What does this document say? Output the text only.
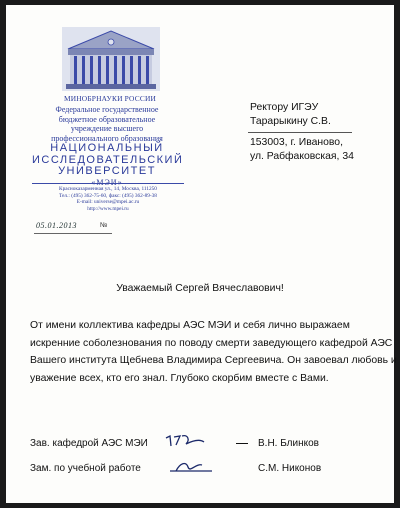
МИНОБРНАУКИ РОССИИ
Федеральное государственное
бюджетное образовательное
учреждение высшего
профессионального образования
НАЦИОНАЛЬНЫЙ
ИССЛЕДОВАТЕЛЬСКИЙ
УНИВЕРСИТЕТ
«МЭИ»
Красноказарменная ул., 14, Москва, 111250
Тел.: (495) 362-75-60, факс: (495) 362-89-38
E-mail: universe@mpei.ac.ru
http://www.mpei.ru
05.01.2013	№
Ректору ИГЭУ
Тарарыкину С.В.
153003, г. Иваново,
ул. Рабфаковская, 34
Уважаемый Сергей Вячеславович!
От имени коллектива кафедры АЭС МЭИ и себя лично выражаем
искренние соболезнования по поводу смерти заведующего кафедрой АЭС
Вашего института Щебнева Владимира Сергеевича. Он завоевал любовь и
уважение всех, кто его знал. Глубоко скорбим вместе с Вами.
Зав. кафедрой АЭС МЭИ	В.Н. Блинков
Зам. по учебной работе	С.М. Никонов
